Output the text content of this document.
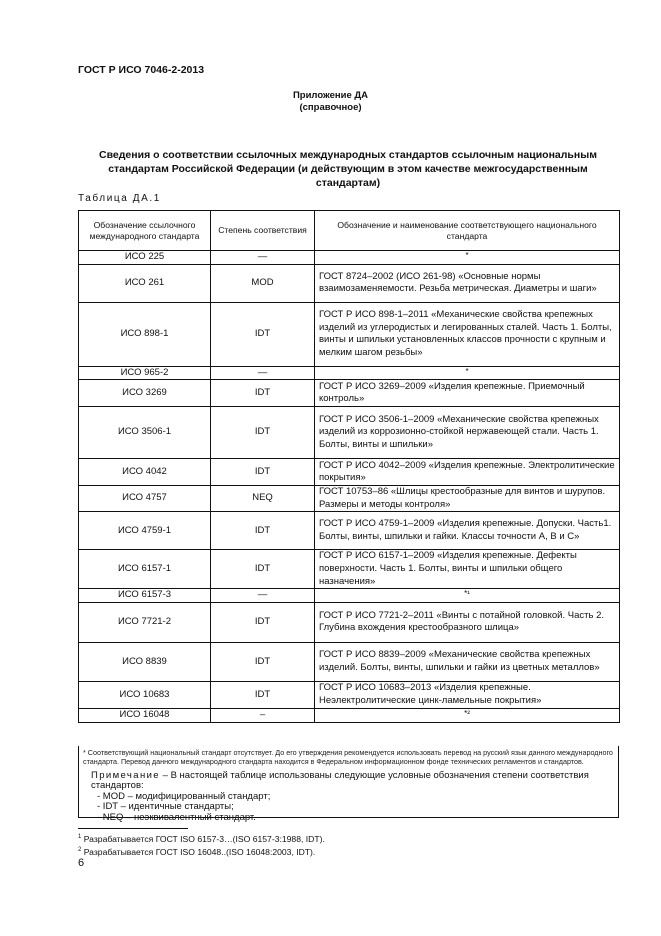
ГОСТ Р ИСО 7046-2-2013
Приложение ДА
(справочное)
Сведения о соответствии ссылочных международных стандартов ссылочным национальным стандартам Российской Федерации (и действующим в этом качестве межгосударственным стандартам)
Таблица ДА.1
Обозначение ссылочного международного стандарта	Степень соответствия	Обозначение и наименование соответствующего национального стандарта
ИСО 225	—	*
ИСО 261	MOD	ГОСТ 8724–2002 (ИСО 261-98) «Основные нормы взаимозаменяемости. Резьба метрическая. Диаметры и шаги»
ИСО 898-1	IDT	ГОСТ Р ИСО 898-1–2011 «Механические свойства крепежных изделий из углеродистых и легированных сталей. Часть 1. Болты, винты и шпильки установленных классов прочности с крупным и мелким шагом резьбы»
ИСО 965-2	—	*
ИСО 3269	IDT	ГОСТ Р ИСО 3269–2009 «Изделия крепежные. Приемочный контроль»
ИСО 3506-1	IDT	ГОСТ Р ИСО 3506-1–2009 «Механические свойства крепежных изделий из коррозионно-стойкой нержавеющей стали. Часть 1. Болты, винты и шпильки»
ИСО 4042	IDT	ГОСТ Р ИСО 4042–2009 «Изделия крепежные. Электролитические покрытия»
ИСО 4757	NEQ	ГОСТ 10753–86 «Шлицы крестообразные для винтов и шурупов. Размеры и методы контроля»
ИСО 4759-1	IDT	ГОСТ Р ИСО 4759-1–2009 «Изделия крепежные. Допуски. Часть1. Болты, винты, шпильки и гайки. Классы точности А, В и С»
ИСО 6157-1	IDT	ГОСТ Р ИСО 6157-1–2009 «Изделия крепежные. Дефекты поверхности. Часть 1. Болты, винты и шпильки общего назначения»
ИСО 6157-3	—	*¹
ИСО 7721-2	IDT	ГОСТ Р ИСО 7721-2–2011 «Винты с потайной головкой. Часть 2. Глубина вхождения крестообразного шлица»
ИСО 8839	IDT	ГОСТ Р ИСО 8839–2009 «Механические свойства крепежных изделий. Болты, винты, шпильки и гайки из цветных металлов»
ИСО 10683	IDT	ГОСТ Р ИСО 10683–2013 «Изделия крепежные. Неэлектролитические цинк-ламельные покрытия»
ИСО 16048	–	*²
* Соответствующий национальный стандарт отсутствует. До его утверждения рекомендуется использовать перевод на русский язык данного международного стандарта. Перевод данного международного стандарта находится в Федеральном информационном фонде технических регламентов и стандартов.
Примечание – В настоящей таблице использованы следующие условные обозначения степени соответствия стандартов:
- MOD – модифицированный стандарт;
- IDT – идентичные стандарты;
- NEQ – неэквивалентный стандарт.
$^1$ Разрабатывается ГОСТ ISO 6157-3…(ISO 6157-3:1988, IDT).
$^2$ Разрабатывается ГОСТ ISO 16048..(ISO 16048:2003, IDT).
6
